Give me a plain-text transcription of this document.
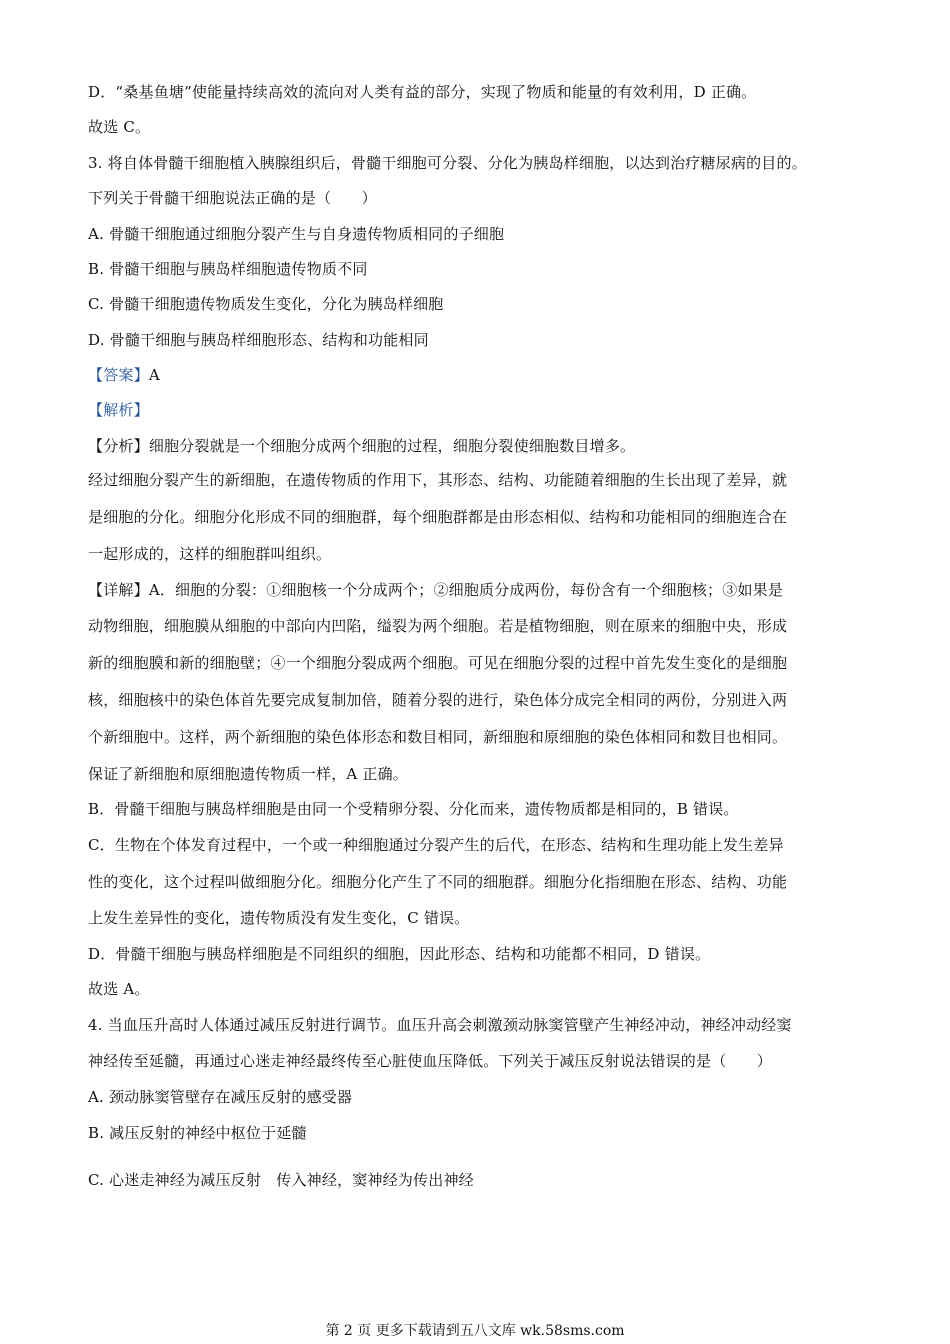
D．“桑基鱼塘”使能量持续高效的流向对人类有益的部分，实现了物质和能量的有效利用，D 正确。
故选 C。
3. 将自体骨髓干细胞植入胰腺组织后，骨髓干细胞可分裂、分化为胰岛样细胞，以达到治疗糖尿病的目的。
下列关于骨髓干细胞说法正确的是（　　）
A. 骨髓干细胞通过细胞分裂产生与自身遗传物质相同的子细胞
B. 骨髓干细胞与胰岛样细胞遗传物质不同
C. 骨髓干细胞遗传物质发生变化，分化为胰岛样细胞
D. 骨髓干细胞与胰岛样细胞形态、结构和功能相同
【答案】A
【解析】
【分析】细胞分裂就是一个细胞分成两个细胞的过程，细胞分裂使细胞数目增多。
经过细胞分裂产生的新细胞，在遗传物质的作用下，其形态、结构、功能随着细胞的生长出现了差异，就
是细胞的分化。细胞分化形成不同的细胞群，每个细胞群都是由形态相似、结构和功能相同的细胞连合在
一起形成的，这样的细胞群叫组织。
【详解】A．细胞的分裂：①细胞核一个分成两个；②细胞质分成两份，每份含有一个细胞核；③如果是
动物细胞，细胞膜从细胞的中部向内凹陷，缢裂为两个细胞。若是植物细胞，则在原来的细胞中央，形成
新的细胞膜和新的细胞壁；④一个细胞分裂成两个细胞。可见在细胞分裂的过程中首先发生变化的是细胞
核，细胞核中的染色体首先要完成复制加倍，随着分裂的进行，染色体分成完全相同的两份，分别进入两
个新细胞中。这样，两个新细胞的染色体形态和数目相同，新细胞和原细胞的染色体相同和数目也相同。
保证了新细胞和原细胞遗传物质一样，A 正确。
B．骨髓干细胞与胰岛样细胞是由同一个受精卵分裂、分化而来，遗传物质都是相同的，B 错误。
C．生物在个体发育过程中，一个或一种细胞通过分裂产生的后代，在形态、结构和生理功能上发生差异
性的变化，这个过程叫做细胞分化。细胞分化产生了不同的细胞群。细胞分化指细胞在形态、结构、功能
上发生差异性的变化，遗传物质没有发生变化，C 错误。
D．骨髓干细胞与胰岛样细胞是不同组织的细胞，因此形态、结构和功能都不相同，D 错误。
故选 A。
4. 当血压升高时人体通过减压反射进行调节。血压升高会刺激颈动脉窦管壁产生神经冲动，神经冲动经窦
神经传至延髓，再通过心迷走神经最终传至心脏使血压降低。下列关于减压反射说法错误的是（　　）
A. 颈动脉窦管壁存在减压反射的感受器
B. 减压反射的神经中枢位于延髓
C. 心迷走神经为减压反射　传入神经，窦神经为传出神经
第 2 页 更多下载请到五八文库 wk.58sms.com
